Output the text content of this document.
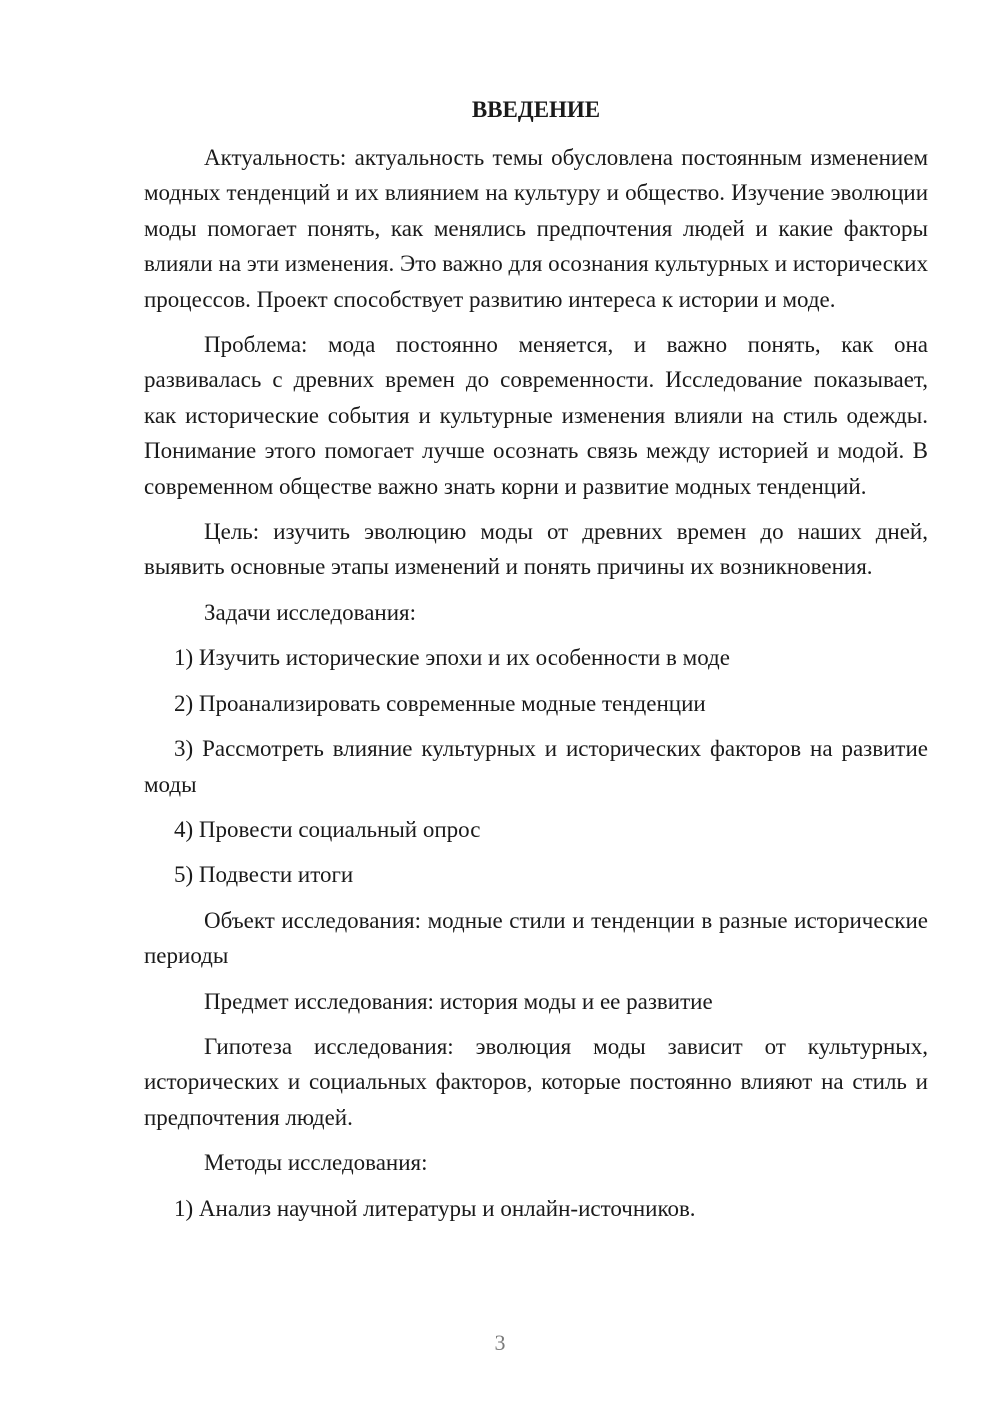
ВВЕДЕНИЕ

Актуальность: актуальность темы обусловлена постоянным изменением модных тенденций и их влиянием на культуру и общество. Изучение эволюции моды помогает понять, как менялись предпочтения людей и какие факторы влияли на эти изменения. Это важно для осознания культурных и исторических процессов. Проект способствует развитию интереса к истории и моде.

Проблема: мода постоянно меняется, и важно понять, как она развивалась с древних времен до современности. Исследование показывает, как исторические события и культурные изменения влияли на стиль одежды. Понимание этого помогает лучше осознать связь между историей и модой. В современном обществе важно знать корни и развитие модных тенденций.

Цель: изучить эволюцию моды от древних времен до наших дней, выявить основные этапы изменений и понять причины их возникновения.

Задачи исследования:

1) Изучить исторические эпохи и их особенности в моде

2) Проанализировать современные модные тенденции

3) Рассмотреть влияние культурных и исторических факторов на развитие моды

4) Провести социальный опрос

5) Подвести итоги

Объект исследования: модные стили и тенденции в разные исторические периоды

Предмет исследования: история моды и ее развитие

Гипотеза исследования: эволюция моды зависит от культурных, исторических и социальных факторов, которые постоянно влияют на стиль и предпочтения людей.

Методы исследования:

1) Анализ научной литературы и онлайн-источников.

3
